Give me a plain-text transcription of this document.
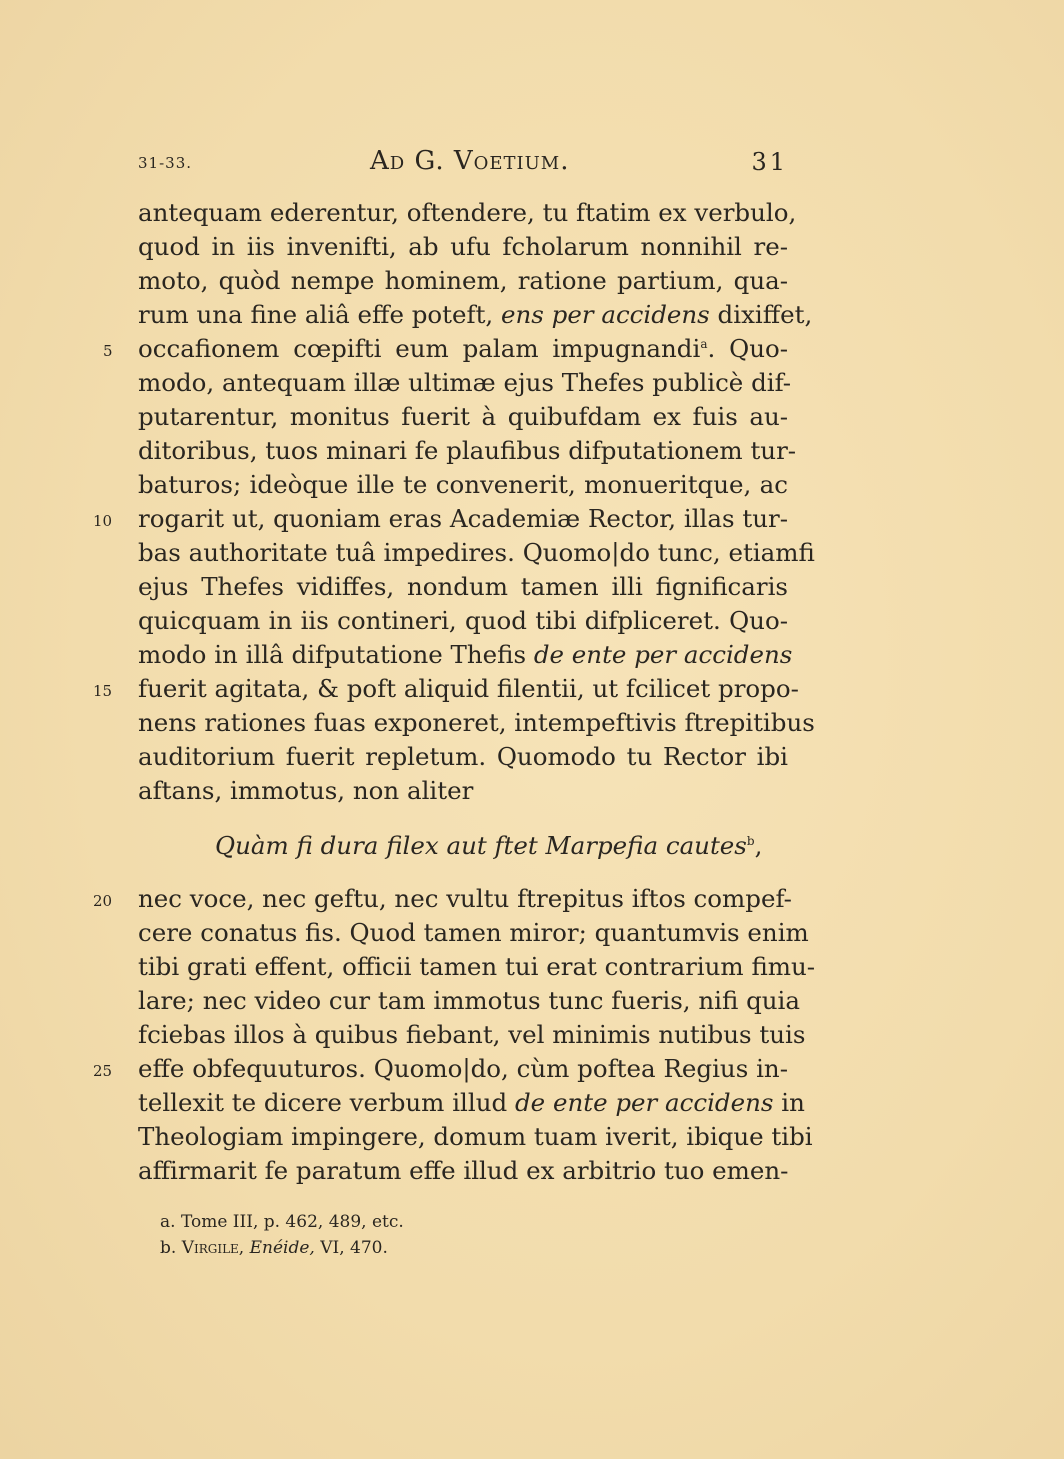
31-33.	Ad G. Voetium.	31
antequam ederentur, oftendere, tu ftatim ex verbulo,
quod in iis invenifti, ab ufu fcholarum nonnihil re-
moto, quòd nempe hominem, ratione partium, qua-
rum una fine aliâ effe poteft, ens per accidens dixiffet,
occafionem cœpifti eum palam impugnandi$^a$. Quo-
modo, antequam illæ ultimæ ejus Thefes publicè dif-
putarentur, monitus fuerit à quibufdam ex fuis au-
ditoribus, tuos minari fe plaufibus difputationem tur-
baturos; ideòque ille te convenerit, monueritque, ac
rogarit ut, quoniam eras Academiæ Rector, illas tur-
bas authoritate tuâ impedires. Quomo|do tunc, etiamfi
ejus Thefes vidiffes, nondum tamen illi fignificaris
quicquam in iis contineri, quod tibi difpliceret. Quo-
modo in illâ difputatione Thefis de ente per accidens
fuerit agitata, & poft aliquid filentii, ut fcilicet propo-
nens rationes fuas exponeret, intempeftivis ftrepitibus
auditorium fuerit repletum. Quomodo tu Rector ibi
aftans, immotus, non aliter
Quàm fi dura filex aut ftet Marpefia cautes$^b$,
nec voce, nec geftu, nec vultu ftrepitus iftos compef-
cere conatus fis. Quod tamen miror; quantumvis enim
tibi grati effent, officii tamen tui erat contrarium fimu-
lare; nec video cur tam immotus tunc fueris, nifi quia
fciebas illos à quibus fiebant, vel minimis nutibus tuis
effe obfequuturos. Quomo|do, cùm poftea Regius in-
tellexit te dicere verbum illud de ente per accidens in
Theologiam impingere, domum tuam iverit, ibique tibi
affirmarit fe paratum effe illud ex arbitrio tuo emen-
5
10
15
20
25
a. Tome III, p. 462, 489, etc.
b. Virgile, Enéide, VI, 470.
